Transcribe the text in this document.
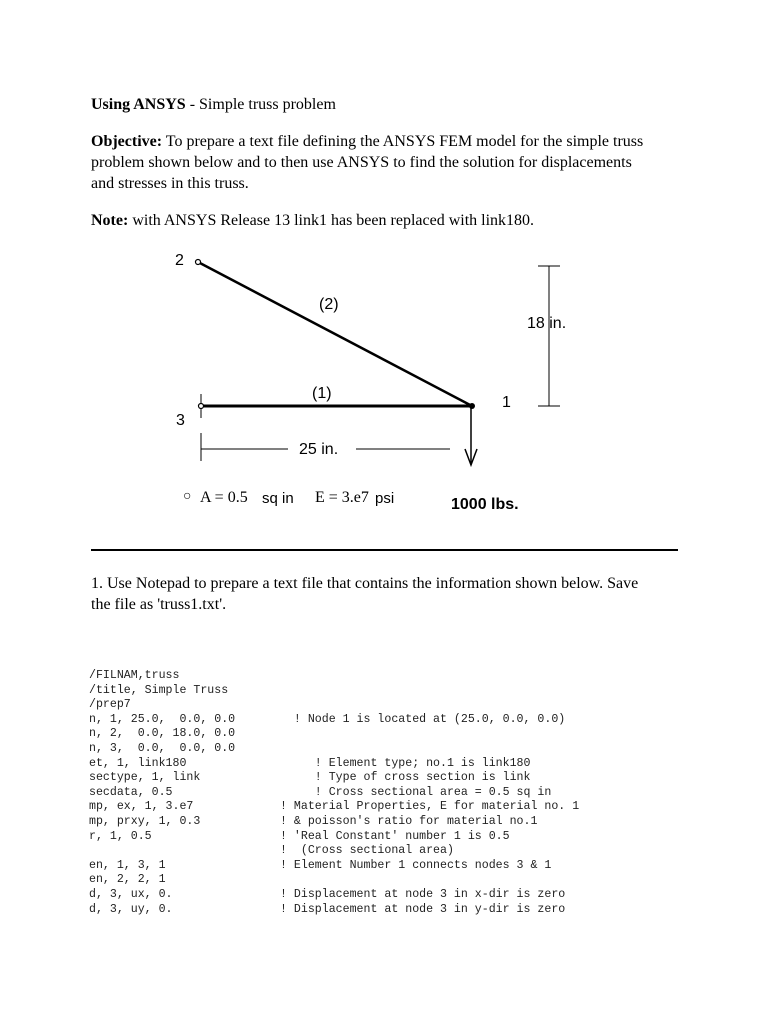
Using ANSYS - Simple truss problem

Objective: To prepare a text file defining the ANSYS FEM model for the simple truss
problem shown below and to then use ANSYS to find the solution for displacements
and stresses in this truss.

Note: with ANSYS Release 13 link1 has been replaced with link180.

2
3
1
(2)
(1)
18 in.
25 in.
○ A = 0.5 sq in E = 3.e7 psi	1000 lbs.
1. Use Notepad to prepare a text file that contains the information shown below. Save
the file as 'truss1.txt'.
/FILNAM,truss
/title, Simple Truss
/prep7
n, 1, 25.0,  0.0, 0.0	! Node 1 is located at (25.0, 0.0, 0.0)
n, 2,  0.0, 18.0, 0.0
n, 3,  0.0,  0.0, 0.0
et, 1, link180	! Element type; no.1 is link180
sectype, 1, link	! Type of cross section is link
secdata, 0.5	! Cross sectional area = 0.5 sq in
mp, ex, 1, 3.e7	! Material Properties, E for material no. 1
mp, prxy, 1, 0.3	! & poisson's ratio for material no.1
r, 1, 0.5	! 'Real Constant' number 1 is 0.5
!  (Cross sectional area)
en, 1, 3, 1	! Element Number 1 connects nodes 3 & 1
en, 2, 2, 1
d, 3, ux, 0.	! Displacement at node 3 in x-dir is zero
d, 3, uy, 0.	! Displacement at node 3 in y-dir is zero
